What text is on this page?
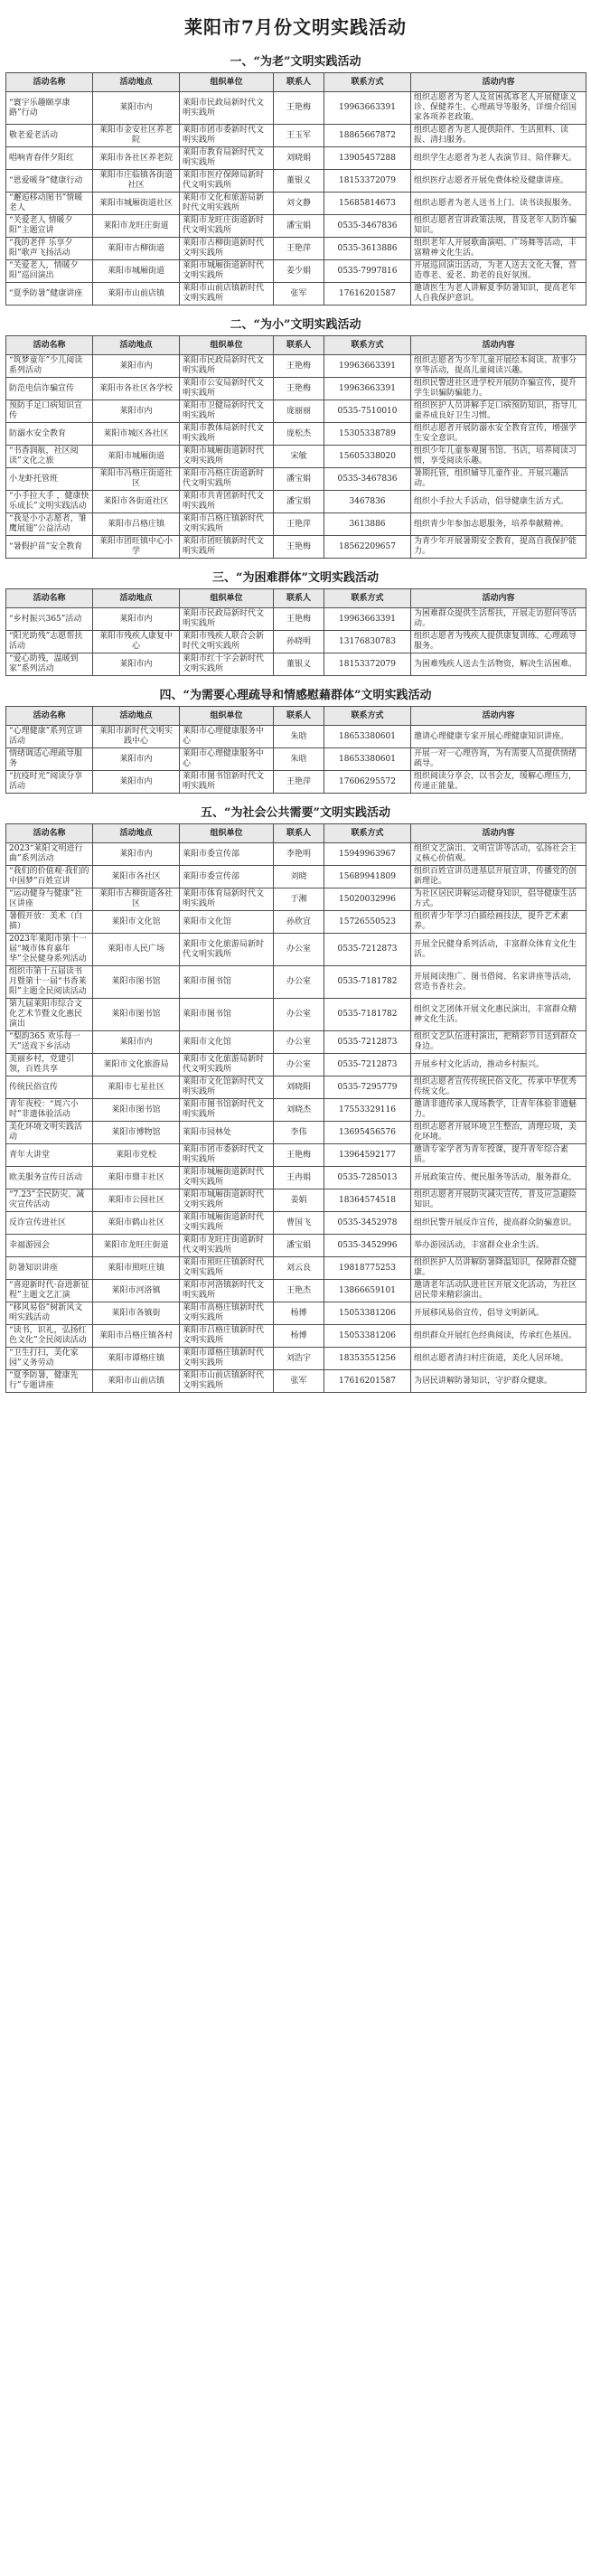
莱阳市7月份文明实践活动
一、“为老”文明实践活动
活动名称	活动地点	组织单位	联系人	联系方式	活动内容
“寰宇乐趣颐享康路”行动	莱阳市内	莱阳市民政局新时代文明实践所	王艳梅	19963663391	组织志愿者为老人及贫困孤寡老人开展健康义诊、保健养生、心理疏导等服务，详细介绍国家各项养老政策。
敬老爱老活动	莱阳市金安社区养老院	莱阳市团市委新时代文明实践所	王玉军	18865667872	组织志愿者为老人提供陪伴、生活照料、读报、清扫服务。
唱响青春伴夕阳红	莱阳市各社区养老院	莱阳市教育局新时代文明实践所	刘晓娟	13905457288	组织学生志愿者为老人表演节目、陪伴聊天。
“恩爱暖身”健康行动	莱阳市庄临镇各街道社区	莱阳市医疗保障局新时代文明实践所	董银义	18153372079	组织医疗志愿者开展免费体检及健康讲座。
“邂逅移动图书”情暖老人	莱阳市城厢街道社区	莱阳市文化和旅游局新时代文明实践所	刘文静	15685814673	组织志愿者为老人送书上门、读书读报服务。
“关爱老人 情暖夕阳”主题宣讲	莱阳市龙旺庄街道	莱阳市龙旺庄街道新时代文明实践所	潘宝娟	0535-3467836	组织志愿者宣讲政策法规，普及老年人防诈骗知识。
“我的老伴 乐享夕阳”歌声飞扬活动	莱阳市古柳街道	莱阳市古柳街道新时代文明实践所	王艳萍	0535-3613886	组织老年人开展歌曲演唱、广场舞等活动，丰富精神文化生活。
“关爱老人，情暖夕阳”巡回演出	莱阳市城厢街道	莱阳市城厢街道新时代文明实践所	姜少娟	0535-7997816	开展巡回演出活动，为老人送去文化大餐，营造尊老、爱老、助老的良好氛围。
“夏季防暑”健康讲座	莱阳市山前店镇	莱阳市山前店镇新时代文明实践所	张军	17616201587	邀请医生为老人讲解夏季防暑知识，提高老年人自我保护意识。
二、“为小”文明实践活动
活动名称	活动地点	组织单位	联系人	联系方式	活动内容
“筑梦童年”少儿阅读系列活动	莱阳市内	莱阳市民政局新时代文明实践所	王艳梅	19963663391	组织志愿者为少年儿童开展绘本阅读、故事分享等活动，提高儿童阅读兴趣。
防范电信诈骗宣传	莱阳市各社区各学校	莱阳市公安局新时代文明实践所	王艳梅	19963663391	组织民警进社区进学校开展防诈骗宣传，提升学生识骗防骗能力。
预防手足口病知识宣传	莱阳市内	莱阳市卫健局新时代文明实践所	庞丽丽	0535-7510010	组织医护人员讲解手足口病预防知识，指导儿童养成良好卫生习惯。
防溺水安全教育	莱阳市城区各社区	莱阳市教体局新时代文明实践所	庞松杰	15305338789	组织志愿者开展防溺水安全教育宣传，增强学生安全意识。
“书香润航，社区阅读”文化之旅	莱阳市城厢街道	莱阳市城厢街道新时代文明实践所	宋敏	15605338020	组织少年儿童参观图书馆、书店，培养阅读习惯，享受阅读乐趣。
小龙虾托管班	莱阳市冯格庄街道社区	莱阳市冯格庄街道新时代文明实践所	潘宝娟	0535-3467836	暑期托管，组织辅导儿童作业、开展兴趣活动。
“小手拉大手 ，健康快乐成长”文明实践活动	莱阳市各街道社区	莱阳市共青团新时代文明实践所	潘宝娟	3467836	组织小手拉大手活动，倡导健康生活方式。
“我是小小志愿者，雏鹰展翅”公益活动	莱阳市吕格庄镇	莱阳市吕格庄镇新时代文明实践所	王艳萍	3613886	组织青少年参加志愿服务，培养奉献精神。
“暑假护苗”安全教育	莱阳市团旺镇中心小学	莱阳市团旺镇新时代文明实践所	王艳梅	18562209657	为青少年开展暑期安全教育，提高自我保护能力。
三、“为困难群体”文明实践活动
活动名称	活动地点	组织单位	联系人	联系方式	活动内容
“乡村振兴365”活动	莱阳市内	莱阳市民政局新时代文明实践所	王艳梅	19963663391	为困难群众提供生活帮扶，开展走访慰问等活动。
“阳光助残”志愿帮扶活动	莱阳市残疾人康复中心	莱阳市残疾人联合会新时代文明实践所	孙晓明	13176830783	组织志愿者为残疾人提供康复训练、心理疏导服务。
“爱心助残，温暖到家”系列活动	莱阳市内	莱阳市红十字会新时代文明实践所	董银义	18153372079	为困难残疾人送去生活物资，解决生活困难。
四、“为需要心理疏导和情感慰藉群体”文明实践活动
活动名称	活动地点	组织单位	联系人	联系方式	活动内容
“心理健康”系列宣讲活动	莱阳市新时代文明实践中心	莱阳市心理健康服务中心	朱晗	18653380601	邀请心理健康专家开展心理健康知识讲座。
情绪调适心理疏导服务	莱阳市内	莱阳市心理健康服务中心	朱晗	18653380601	开展一对一心理咨询，为有需要人员提供情绪疏导。
“抗疫时光”阅读分享活动	莱阳市内	莱阳市图书馆新时代文明实践所	王艳萍	17606295572	组织阅读分享会，以书会友，缓解心理压力，传递正能量。
五、“为社会公共需要”文明实践活动
活动名称	活动地点	组织单位	联系人	联系方式	活动内容
2023“莱阳文明进行曲”系列活动	莱阳市内	莱阳市委宣传部	李艳明	15949963967	组织文艺演出、文明宣讲等活动，弘扬社会主义核心价值观。
“我们的价值观·我们的中国梦”百姓宣讲	莱阳市各社区	莱阳市委宣传部	刘晓	15689941809	组织百姓宣讲员进基层开展宣讲，传播党的创新理论。
“运动健身与健康”社区讲座	莱阳市古柳街道各社区	莱阳市体育局新时代文明实践所	于湘	15020032996	为社区居民讲解运动健身知识，倡导健康生活方式。
暑假开放：美术（白描）	莱阳市文化馆	莱阳市文化馆	孙欣宜	15726550523	组织青少年学习白描绘画技法，提升艺术素养。
2023年莱阳市第十一届“城市体育嘉年华”全民健身系列活动	莱阳市人民广场	莱阳市文化旅游局新时代文明实践所	办公室	0535-7212873	开展全民健身系列活动，丰富群众体育文化生活。
组织市第十五届读书月暨第十一届“书香莱阳”主题全民阅读活动	莱阳市图书馆	莱阳市图书馆	办公室	0535-7181782	开展阅读推广、图书借阅、名家讲座等活动，营造书香社会。
第九届莱阳市综合文化艺术节暨文化惠民演出	莱阳市图书馆	莱阳市图书馆	办公室	0535-7181782	组织文艺团体开展文化惠民演出，丰富群众精神文化生活。
“梨韵365 欢乐每一天”送戏下乡活动	莱阳市内	莱阳市文化馆	办公室	0535-7212873	组织文艺队伍进村演出，把精彩节目送到群众身边。
美丽乡村，党建引领，百姓共享	莱阳市文化旅游局	莱阳市文化旅游局新时代文明实践所	办公室	0535-7212873	开展乡村文化活动，推动乡村振兴。
传统民俗宣传	莱阳市七星社区	莱阳市文化馆新时代文明实践所	刘晓阳	0535-7295779	组织志愿者宣传传统民俗文化，传承中华优秀传统文化。
青年夜校：“周六小时”非遗体验活动	莱阳市图书馆	莱阳市图书馆新时代文明实践所	刘晓杰	17553329116	邀请非遗传承人现场教学，让青年体验非遗魅力。
美化环境文明实践活动	莱阳市博物馆	莱阳市园林处	李伟	13695456576	组织志愿者开展环境卫生整治，清理垃圾，美化环境。
青年大讲堂	莱阳市党校	莱阳市团市委新时代文明实践所	王艳梅	13964592177	邀请专家学者为青年授课，提升青年综合素质。
欧美服务宣传日活动	莱阳市鼎丰社区	莱阳市城厢街道新时代文明实践所	王冉娟	0535-7285013	开展政策宣传、便民服务等活动，服务群众。
“7.23”全民防灾、减灾宣传活动	莱阳市公园社区	莱阳市城厢街道新时代文明实践所	姜娟	18364574518	组织志愿者开展防灾减灾宣传，普及应急避险知识。
反诈宣传进社区	莱阳市鹤山社区	莱阳市城厢街道新时代文明实践所	曹国飞	0535-3452978	组织民警开展反诈宣传，提高群众防骗意识。
幸福游园会	莱阳市龙旺庄街道	莱阳市龙旺庄街道新时代文明实践所	潘宝娟	0535-3452996	举办游园活动，丰富群众业余生活。
防暑知识讲座	莱阳市照旺庄镇	莱阳市照旺庄镇新时代文明实践所	刘云良	19818775253	组织医护人员讲解防暑降温知识，保障群众健康。
“喜迎新时代·奋进新征程”主题文艺汇演	莱阳市河洛镇	莱阳市河洛镇新时代文明实践所	王艳杰	13866659101	邀请老年活动队进社区开展文化活动，为社区居民带来精彩演出。
“移风易俗”树新风文明实践活动	莱阳市各镇街	莱阳市高格庄镇新时代文明实践所	杨博	15053381206	开展移风易俗宣传，倡导文明新风。
“读书，识礼，弘扬红色文化”全民阅读活动	莱阳市吕格庄镇各村	莱阳市吕格庄镇新时代文明实践所	杨博	15053381206	组织群众开展红色经典阅读，传承红色基因。
“卫生打扫，美化家园”义务劳动	莱阳市谭格庄镇	莱阳市谭格庄镇新时代文明实践所	刘浩宇	18353551256	组织志愿者清扫村庄街道，美化人居环境。
“夏季防暑，健康先行”专题讲座	莱阳市山前店镇	莱阳市山前店镇新时代文明实践所	张军	17616201587	为居民讲解防暑知识，守护群众健康。
